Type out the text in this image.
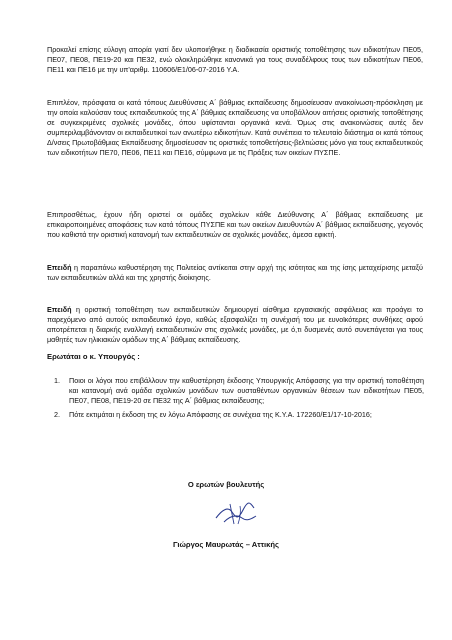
Προκαλεί επίσης εύλογη απορία γιατί δεν υλοποιήθηκε η διαδικασία οριστικής τοποθέτησης των ειδικοτήτων ΠΕ05, ΠΕ07, ΠΕ08, ΠΕ19-20 και ΠΕ32, ενώ ολοκληρώθηκε κανονικά για τους συναδέλφους τους των ειδικοτήτων ΠΕ06, ΠΕ11 και ΠΕ16 με την υπ'αριθμ. 110606/Ε1/06-07-2016 Υ.Α.

Επιπλέον, πρόσφατα οι κατά τόπους Διευθύνσεις Α΄ βάθμιας εκπαίδευσης δημοσίευσαν ανακοίνωση-πρόσκληση με την οποία καλούσαν τους εκπαιδευτικούς της Α΄ βάθμιας εκπαίδευσης να υποβάλλουν αιτήσεις οριστικής τοποθέτησης σε συγκεκριμένες σχολικές μονάδες, όπου υφίστανται οργανικά κενά. Όμως στις ανακοινώσεις αυτές δεν συμπεριλαμβάνονταν οι εκπαιδευτικοί των ανωτέρω ειδικοτήτων. Κατά συνέπεια το τελευταίο διάστημα οι κατά τόπους Δ/νσεις Πρωτοβάθμιας Εκπαίδευσης δημοσίευσαν τις οριστικές τοποθετήσεις-βελτιώσεις μόνο για τους εκπαιδευτικούς των ειδικοτήτων ΠΕ70, ΠΕ06, ΠΕ11 και ΠΕ16, σύμφωνα με τις Πράξεις των οικείων ΠΥΣΠΕ.

Επιπροσθέτως, έχουν ήδη οριστεί οι ομάδες σχολείων κάθε Διεύθυνσης Α΄ βάθμιας εκπαίδευσης με επικαιροποιημένες αποφάσεις των κατά τόπους ΠΥΣΠΕ και των οικείων Διευθυντών Α΄ βάθμιας εκπαίδευσης, γεγονός που καθιστά την οριστική κατανομή των εκπαιδευτικών σε σχολικές μονάδες, άμεσα εφικτή.

Επειδή η παραπάνω καθυστέρηση της Πολιτείας αντίκειται στην αρχή της ισότητας και της ίσης μεταχείρισης μεταξύ των εκπαιδευτικών αλλά και της χρηστής διοίκησης.

Επειδή η οριστική τοποθέτηση των εκπαιδευτικών δημιουργεί αίσθημα εργασιακής ασφάλειας και προάγει το παρεχόμενο από αυτούς εκπαιδευτικό έργο, καθώς εξασφαλίζει τη συνέχισή του με ευνοϊκότερες συνθήκες αφού αποτρέπεται η διαρκής εναλλαγή εκπαιδευτικών στις σχολικές μονάδες, με ό,τι δυσμενές αυτό συνεπάγεται για τους μαθητές των ηλικιακών ομάδων της Α΄ βάθμιας εκπαίδευσης.

Ερωτάται ο κ. Υπουργός :

1. Ποιοι οι λόγοι που επιβάλλουν την καθυστέρηση έκδοσης Υπουργικής Απόφασης για την οριστική τοποθέτηση και κατανομή ανά ομάδα σχολικών μονάδων των ουσταθέντων οργανικών θέσεων των ειδικοτήτων ΠΕ05, ΠΕ07, ΠΕ08, ΠΕ19-20 σε ΠΕ32 της Α΄ βάθμιας εκπαίδευσης;
2. Πότε εκτιμάται η έκδοση της εν λόγω Απόφασης σε συνέχεια της Κ.Υ.Α. 172260/Ε1/17-10-2016;

Ο ερωτών βουλευτής

Γιώργος Μαυρωτάς – Αττικής
